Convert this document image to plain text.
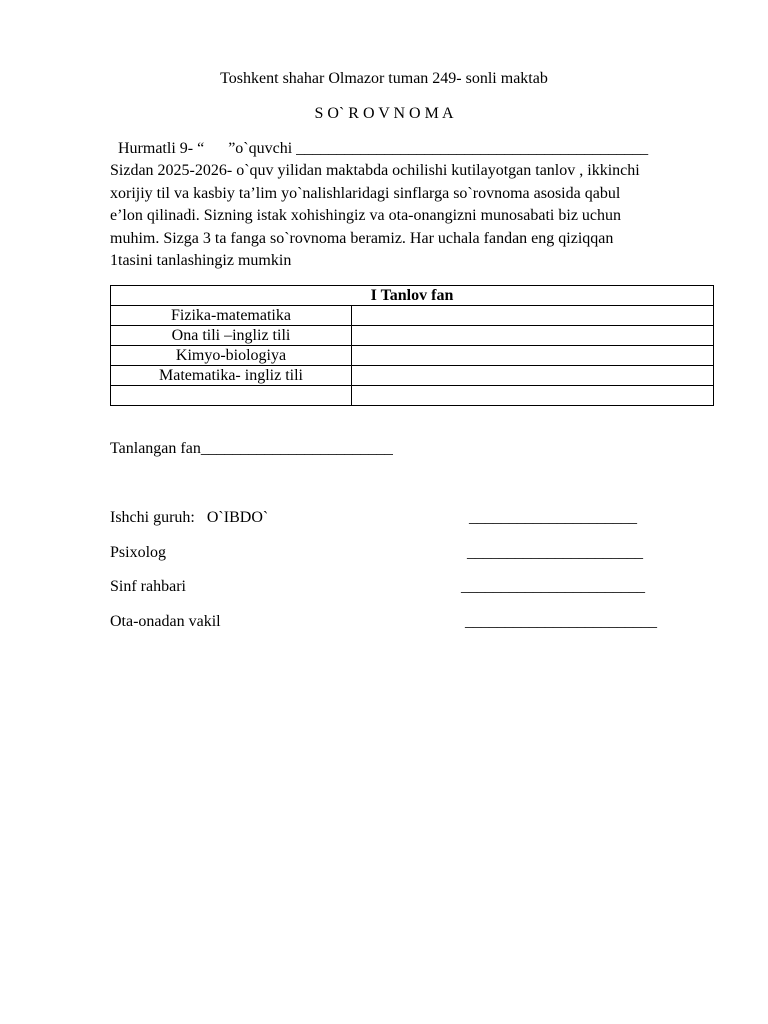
Toshkent shahar Olmazor tuman 249- sonli maktab
S O` R O V N O M A
Hurmatli 9- “      ”o`quvchi ____________________________________________
Sizdan 2025-2026- o`quv yilidan maktabda ochilishi kutilayotgan tanlov , ikkinchi
xorijiy til va kasbiy ta’lim yo`nalishlaridagi sinflarga so`rovnoma asosida qabul
e’lon qilinadi. Sizning istak xohishingiz va ota-onangizni munosabati biz uchun
muhim. Sizga 3 ta fanga so`rovnoma beramiz. Har uchala fandan eng qiziqqan
1tasini tanlashingiz mumkin
I Tanlov fan	
Fizika-matematika	
Ona tili –ingliz tili	
Kimyo-biologiya	
Matematika- ingliz tili	

Tanlangan fan________________________
Ishchi guruh:   O`IBDO`	_____________________
Psixolog	______________________
Sinf rahbari	_______________________
Ota-onadan vakil	________________________
